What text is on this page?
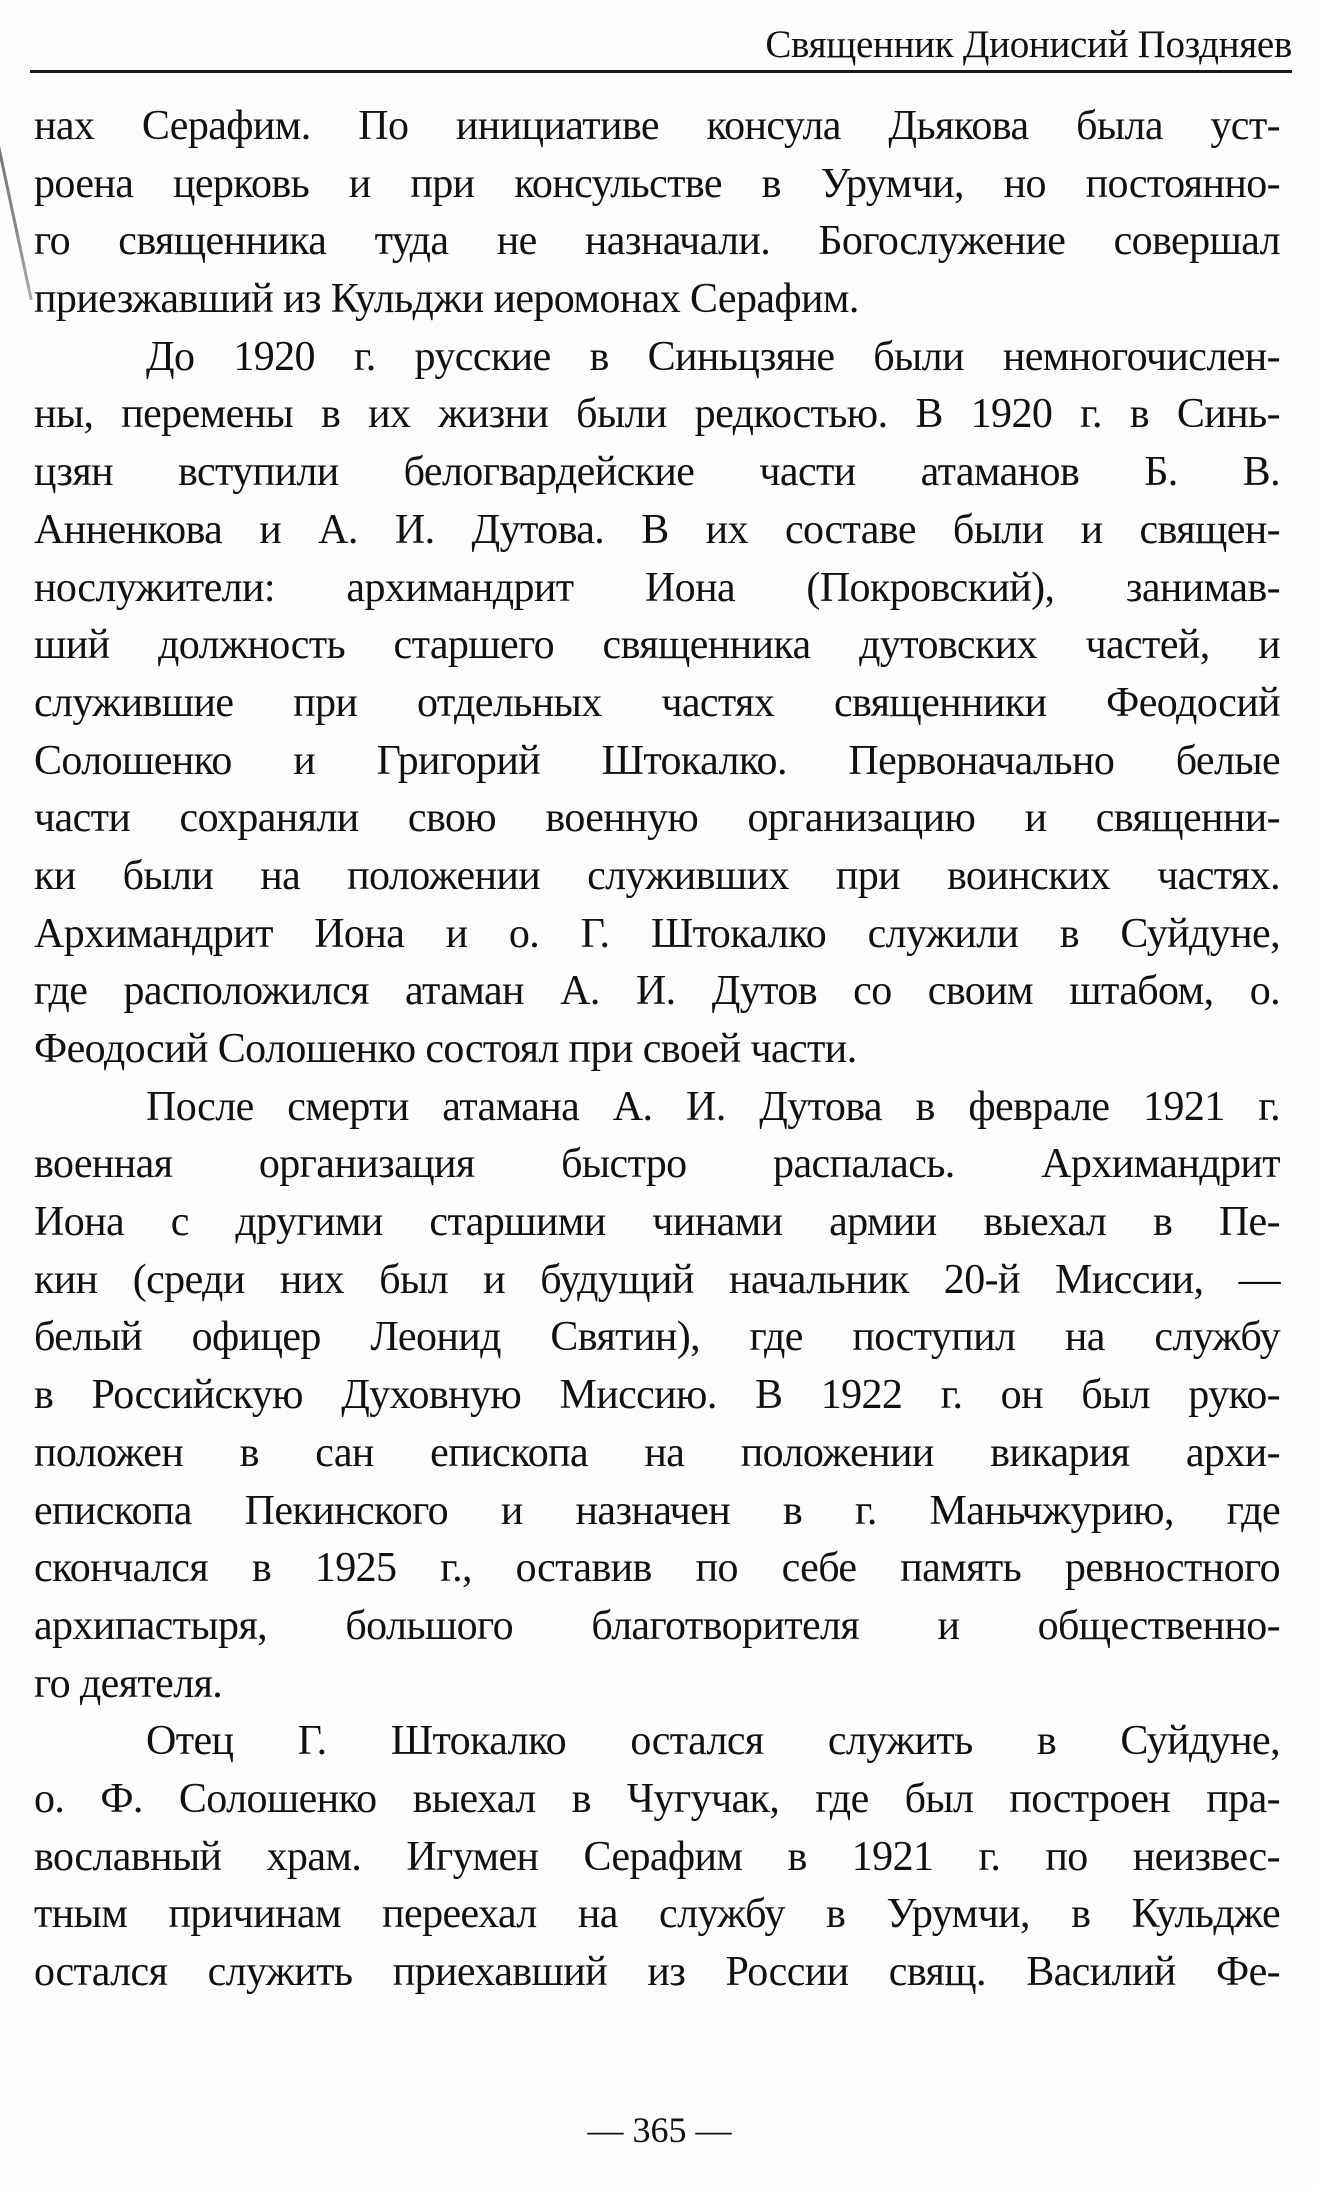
Священник Дионисий Поздняев
нах Серафим. По инициативе консула Дьякова была уст-
роена церковь и при консульстве в Урумчи, но постоянно-
го священника туда не назначали. Богослужение совершал
приезжавший из Кульджи иеромонах Серафим.
До 1920 г. русские в Синьцзяне были немногочислен-
ны, перемены в их жизни были редкостью. В 1920 г. в Синь-
цзян вступили белогвардейские части атаманов Б. В.
Анненкова и А. И. Дутова. В их составе были и священ-
нослужители: архимандрит Иона (Покровский), занимав-
ший должность старшего священника дутовских частей, и
служившие при отдельных частях священники Феодосий
Солошенко и Григорий Штокалко. Первоначально белые
части сохраняли свою военную организацию и священни-
ки были на положении служивших при воинских частях.
Архимандрит Иона и о. Г. Штокалко служили в Суйдуне,
где расположился атаман А. И. Дутов со своим штабом, о.
Феодосий Солошенко состоял при своей части.
После смерти атамана А. И. Дутова в феврале 1921 г.
военная организация быстро распалась. Архимандрит
Иона с другими старшими чинами армии выехал в Пе-
кин (среди них был и будущий начальник 20-й Миссии, —
белый офицер Леонид Святин), где поступил на службу
в Российскую Духовную Миссию. В 1922 г. он был руко-
положен в сан епископа на положении викария архи-
епископа Пекинского и назначен в г. Маньчжурию, где
скончался в 1925 г., оставив по себе память ревностного
архипастыря, большого благотворителя и общественно-
го деятеля.
Отец Г. Штокалко остался служить в Суйдуне,
о. Ф. Солошенко выехал в Чугучак, где был построен пра-
вославный храм. Игумен Серафим в 1921 г. по неизвес-
тным причинам переехал на службу в Урумчи, в Кульдже
остался служить приехавший из России свящ. Василий Фе-
— 365 —
